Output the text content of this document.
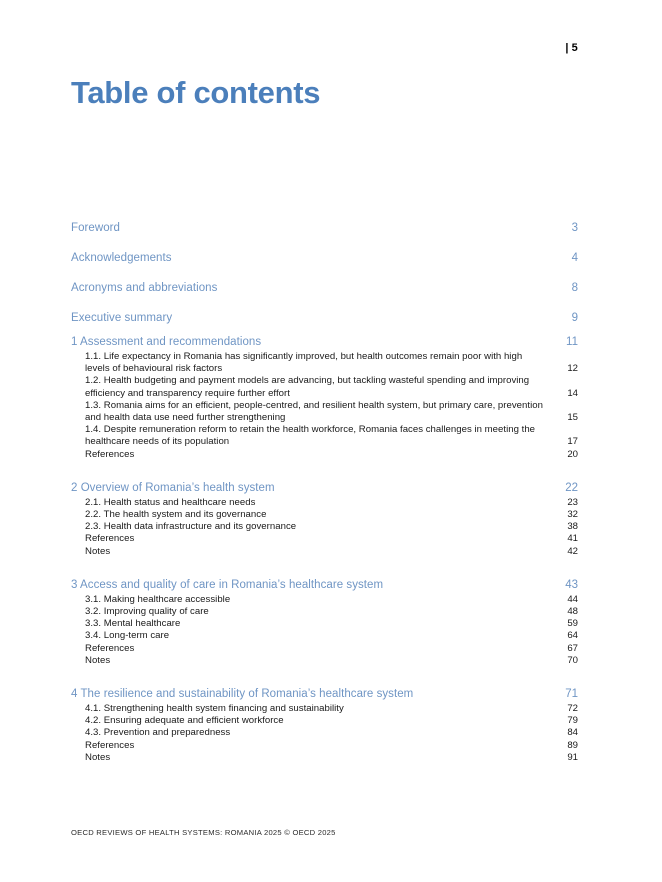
| 5
Table of contents
Foreword	3
Acknowledgements	4
Acronyms and abbreviations	8
Executive summary	9
1 Assessment and recommendations	11
1.1. Life expectancy in Romania has significantly improved, but health outcomes remain poor with high levels of behavioural risk factors	12
1.2. Health budgeting and payment models are advancing, but tackling wasteful spending and improving efficiency and transparency require further effort	14
1.3. Romania aims for an efficient, people-centred, and resilient health system, but primary care, prevention and health data use need further strengthening	15
1.4. Despite remuneration reform to retain the health workforce, Romania faces challenges in meeting the healthcare needs of its population	17
References	20
2 Overview of Romania’s health system	22
2.1. Health status and healthcare needs	23
2.2. The health system and its governance	32
2.3. Health data infrastructure and its governance	38
References	41
Notes	42
3 Access and quality of care in Romania’s healthcare system	43
3.1. Making healthcare accessible	44
3.2. Improving quality of care	48
3.3. Mental healthcare	59
3.4. Long-term care	64
References	67
Notes	70
4 The resilience and sustainability of Romania’s healthcare system	71
4.1. Strengthening health system financing and sustainability	72
4.2. Ensuring adequate and efficient workforce	79
4.3. Prevention and preparedness	84
References	89
Notes	91
OECD REVIEWS OF HEALTH SYSTEMS: ROMANIA 2025 © OECD 2025
